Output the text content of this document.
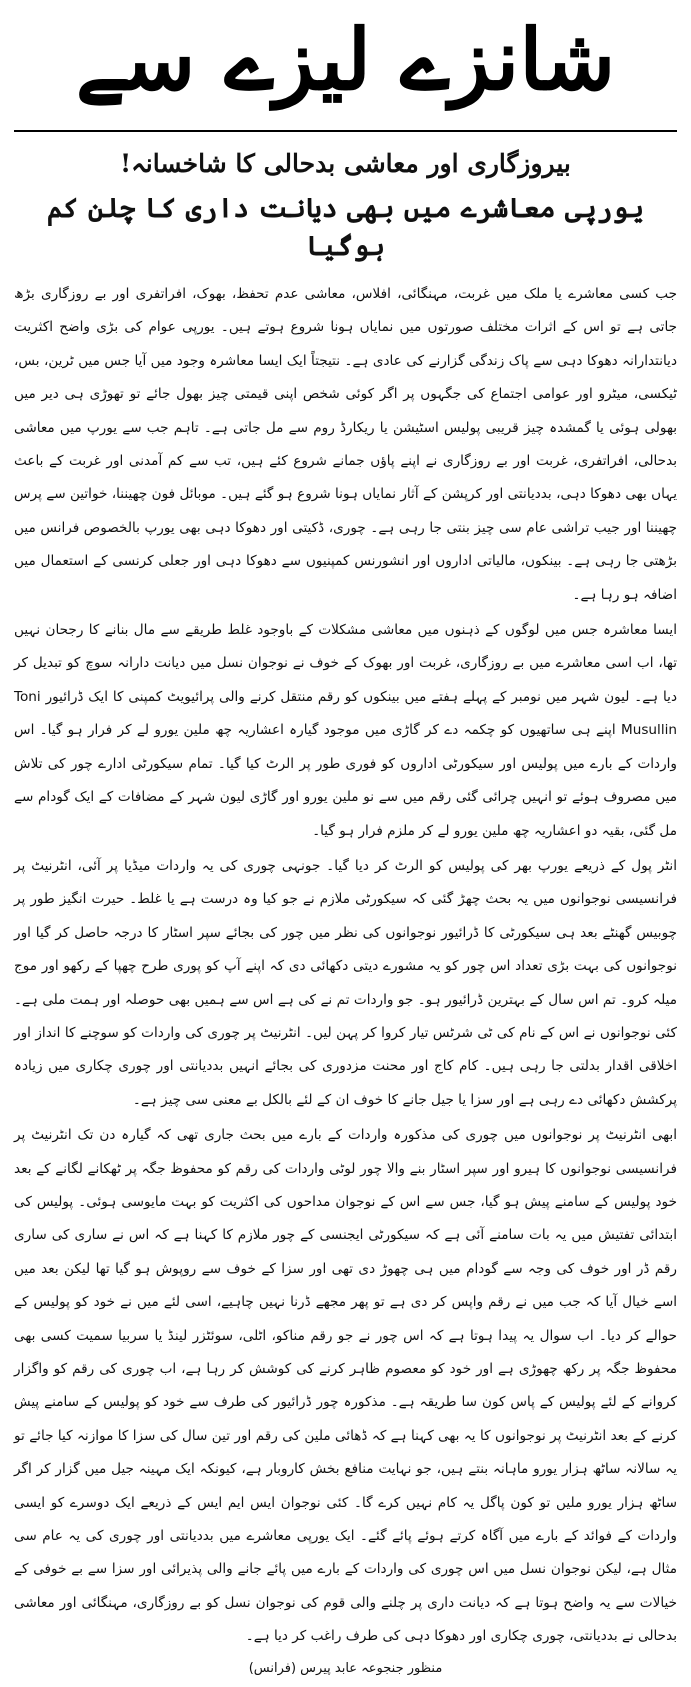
شانزے لیزے سے
بیروزگاری اور معاشی بدحالی کا شاخسانہ!
یورپی معاشرے میں بھی دیانت داری کا چلن کم ہوگیا

جب کسی معاشرے یا ملک میں غربت، مہنگائی، افلاس، معاشی عدم تحفظ، بھوک، افراتفری اور بے روزگاری بڑھ جاتی ہے تو اس کے اثرات مختلف صورتوں میں نمایاں ہونا شروع ہوتے ہیں۔ یورپی عوام کی بڑی واضح اکثریت دیانتدارانہ دھوکا دہی سے پاک زندگی گزارنے کی عادی ہے۔ نتیجتاً ایک ایسا معاشرہ وجود میں آیا جس میں ٹرین، بس، ٹیکسی، میٹرو اور عوامی اجتماع کی جگہوں پر اگر کوئی شخص اپنی قیمتی چیز بھول جائے تو تھوڑی ہی دیر میں بھولی ہوئی یا گمشدہ چیز قریبی پولیس اسٹیشن یا ریکارڈ روم سے مل جاتی ہے۔ تاہم جب سے یورپ میں معاشی بدحالی، افراتفری، غربت اور بے روزگاری نے اپنے پاؤں جمانے شروع کئے ہیں، تب سے کم آمدنی اور غربت کے باعث یہاں بھی دھوکا دہی، بددیانتی اور کرپشن کے آثار نمایاں ہونا شروع ہو گئے ہیں۔ موبائل فون چھیننا، خواتین سے پرس چھیننا اور جیب تراشی عام سی چیز بنتی جا رہی ہے۔ چوری، ڈکیتی اور دھوکا دہی بھی یورپ بالخصوص فرانس میں بڑھتی جا رہی ہے۔ بینکوں، مالیاتی اداروں اور انشورنس کمپنیوں سے دھوکا دہی اور جعلی کرنسی کے استعمال میں اضافہ ہو رہا ہے۔

ایسا معاشرہ جس میں لوگوں کے ذہنوں میں معاشی مشکلات کے باوجود غلط طریقے سے مال بنانے کا رجحان نہیں تھا، اب اسی معاشرے میں بے روزگاری، غربت اور بھوک کے خوف نے نوجوان نسل میں دیانت دارانہ سوچ کو تبدیل کر دیا ہے۔ لیون شہر میں نومبر کے پہلے ہفتے میں بینکوں کو رقم منتقل کرنے والی پرائیویٹ کمپنی کا ایک ڈرائیور Toni Musullin اپنے ہی ساتھیوں کو چکمہ دے کر گاڑی میں موجود گیارہ اعشاریہ چھ ملین یورو لے کر فرار ہو گیا۔ اس واردات کے بارے میں پولیس اور سیکورٹی اداروں کو فوری طور پر الرٹ کیا گیا۔ تمام سیکورٹی ادارے چور کی تلاش میں مصروف ہوئے تو انہیں چرائی گئی رقم میں سے نو ملین یورو اور گاڑی لیون شہر کے مضافات کے ایک گودام سے مل گئی، بقیہ دو اعشاریہ چھ ملین یورو لے کر ملزم فرار ہو گیا۔

انٹر پول کے ذریعے یورپ بھر کی پولیس کو الرٹ کر دیا گیا۔ جونہی چوری کی یہ واردات میڈیا پر آئی، انٹرنیٹ پر فرانسیسی نوجوانوں میں یہ بحث چھڑ گئی کہ سیکورٹی ملازم نے جو کیا وہ درست ہے یا غلط۔ حیرت انگیز طور پر چوبیس گھنٹے بعد ہی سیکورٹی کا ڈرائیور نوجوانوں کی نظر میں چور کی بجائے سپر اسٹار کا درجہ حاصل کر گیا اور نوجوانوں کی بہت بڑی تعداد اس چور کو یہ مشورے دیتی دکھائی دی کہ اپنے آپ کو پوری طرح چھپا کے رکھو اور موج میلہ کرو۔ تم اس سال کے بہترین ڈرائیور ہو۔ جو واردات تم نے کی ہے اس سے ہمیں بھی حوصلہ اور ہمت ملی ہے۔ کئی نوجوانوں نے اس کے نام کی ٹی شرٹس تیار کروا کر پہن لیں۔ انٹرنیٹ پر چوری کی واردات کو سوچنے کا انداز اور اخلاقی اقدار بدلتی جا رہی ہیں۔ کام کاج اور محنت مزدوری کی بجائے انہیں بددیانتی اور چوری چکاری میں زیادہ پرکشش دکھائی دے رہی ہے اور سزا یا جیل جانے کا خوف ان کے لئے بالکل بے معنی سی چیز ہے۔

ابھی انٹرنیٹ پر نوجوانوں میں چوری کی مذکورہ واردات کے بارے میں بحث جاری تھی کہ گیارہ دن تک انٹرنیٹ پر فرانسیسی نوجوانوں کا ہیرو اور سپر اسٹار بنے والا چور لوٹی واردات کی رقم کو محفوظ جگہ پر ٹھکانے لگانے کے بعد خود پولیس کے سامنے پیش ہو گیا، جس سے اس کے نوجوان مداحوں کی اکثریت کو بہت مایوسی ہوئی۔ پولیس کی ابتدائی تفتیش میں یہ بات سامنے آئی ہے کہ سیکورٹی ایجنسی کے چور ملازم کا کہنا ہے کہ اس نے ساری کی ساری رقم ڈر اور خوف کی وجہ سے گودام میں ہی چھوڑ دی تھی اور سزا کے خوف سے روپوش ہو گیا تھا لیکن بعد میں اسے خیال آیا کہ جب میں نے رقم واپس کر دی ہے تو پھر مجھے ڈرنا نہیں چاہیے، اسی لئے میں نے خود کو پولیس کے حوالے کر دیا۔ اب سوال یہ پیدا ہوتا ہے کہ اس چور نے جو رقم مناکو، اٹلی، سوئٹزر لینڈ یا سربیا سمیت کسی بھی محفوظ جگہ پر رکھ چھوڑی ہے اور خود کو معصوم ظاہر کرنے کی کوشش کر رہا ہے، اب چوری کی رقم کو واگزار کروانے کے لئے پولیس کے پاس کون سا طریقہ ہے۔ مذکورہ چور ڈرائیور کی طرف سے خود کو پولیس کے سامنے پیش کرنے کے بعد انٹرنیٹ پر نوجوانوں کا یہ بھی کہنا ہے کہ ڈھائی ملین کی رقم اور تین سال کی سزا کا موازنہ کیا جائے تو یہ سالانہ ساٹھ ہزار یورو ماہانہ بنتے ہیں، جو نہایت منافع بخش کاروبار ہے، کیونکہ ایک مہینہ جیل میں گزار کر اگر ساٹھ ہزار یورو ملیں تو کون پاگل یہ کام نہیں کرے گا۔ کئی نوجوان ایس ایم ایس کے ذریعے ایک دوسرے کو ایسی واردات کے فوائد کے بارے میں آگاہ کرتے ہوئے پائے گئے۔ ایک یورپی معاشرے میں بددیانتی اور چوری کی یہ عام سی مثال ہے، لیکن نوجوان نسل میں اس چوری کی واردات کے بارے میں پائے جانے والی پذیرائی اور سزا سے بے خوفی کے خیالات سے یہ واضح ہوتا ہے کہ دیانت داری پر چلنے والی قوم کی نوجوان نسل کو بے روزگاری، مہنگائی اور معاشی بدحالی نے بددیانتی، چوری چکاری اور دھوکا دہی کی طرف راغب کر دیا ہے۔

منظور جنجوعہ عابد پیرس (فرانس)
